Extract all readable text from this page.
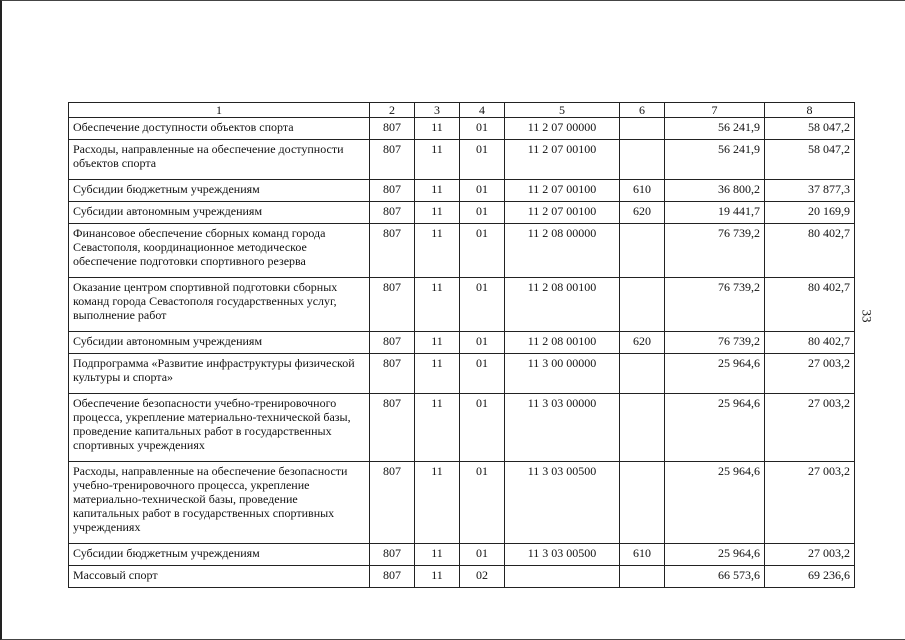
1	2	3	4	5	6	7	8
Обеспечение доступности объектов спорта	807	11	01	11 2 07 00000		56 241,9	58 047,2
Расходы, направленные на обеспечение доступности объектов спорта	807	11	01	11 2 07 00100		56 241,9	58 047,2
Субсидии бюджетным учреждениям	807	11	01	11 2 07 00100	610	36 800,2	37 877,3
Субсидии автономным учреждениям	807	11	01	11 2 07 00100	620	19 441,7	20 169,9
Финансовое обеспечение сборных команд города Севастополя, координационное методическое обеспечение подготовки спортивного резерва	807	11	01	11 2 08 00000		76 739,2	80 402,7
Оказание центром спортивной подготовки сборных команд города Севастополя государственных услуг, выполнение работ	807	11	01	11 2 08 00100		76 739,2	80 402,7
Субсидии автономным учреждениям	807	11	01	11 2 08 00100	620	76 739,2	80 402,7
Подпрограмма «Развитие инфраструктуры физической культуры и спорта»	807	11	01	11 3 00 00000		25 964,6	27 003,2
Обеспечение безопасности учебно-тренировочного процесса, укрепление материально-технической базы, проведение капитальных работ в государственных спортивных учреждениях	807	11	01	11 3 03 00000		25 964,6	27 003,2
Расходы, направленные на обеспечение безопасности учебно-тренировочного процесса, укрепление материально-технической базы, проведение капитальных работ в государственных спортивных учреждениях	807	11	01	11 3 03 00500		25 964,6	27 003,2
Субсидии бюджетным учреждениям	807	11	01	11 3 03 00500	610	25 964,6	27 003,2
Массовый спорт	807	11	02			66 573,6	69 236,6
33
